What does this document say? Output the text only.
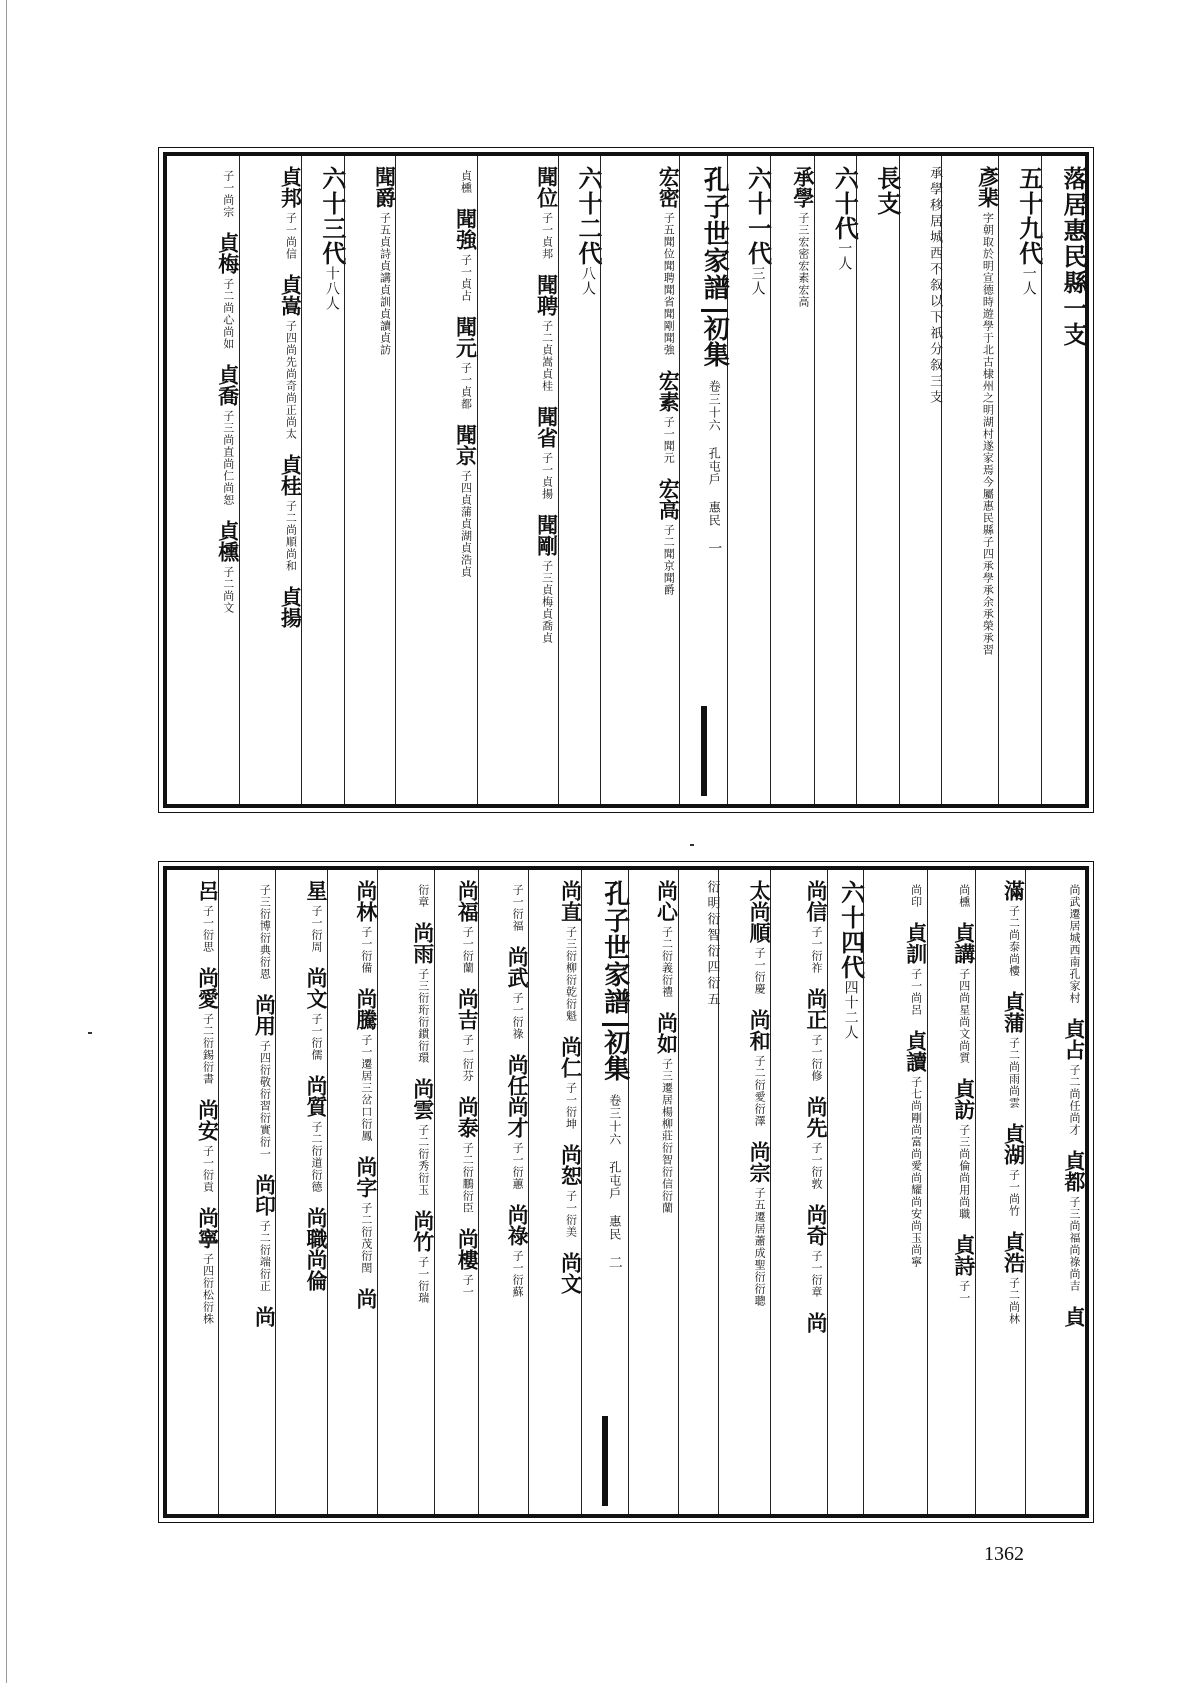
落居惠民縣一支
五十九代一人
彥棐字朝取於明宣德時遊學于北古棣州之明湖村遂家焉今屬惠民縣子四承學承余承榮承習
承學移居城西不叙以下祇分叙三支
長支
六十代一人
承學子三宏密宏素宏高
六十一代三人
孔子世家譜初集卷三十六 孔屯戶 惠民一
宏密子五聞位聞聘聞省聞剛聞強宏素子一聞元宏高子二聞京聞爵
六十二代八人
聞位子一貞邦聞聘子二貞嵩貞桂聞省子一貞揚聞剛子三貞梅貞喬貞
貞櫄聞強子一貞占聞元子一貞都聞京子四貞蒲貞湖貞浩貞
聞爵子五貞詩貞講貞訓貞讀貞訪
六十三代十八人
貞邦子一尚信貞嵩子四尚先尚奇尚正尚太貞桂子二尚順尚和貞揚
子一尚宗貞梅子二尚心尚如貞喬子三尚直尚仁尚恕貞櫄子二尚文
尚武遷居城西南孔家村貞占子二尚任尚才貞都子三尚福尚祿尚吉貞
滿子二尚泰尚樓貞蒲子二尚雨尚雲貞湖子一尚竹貞浩子二尚林
尚櫄貞講子四尚星尚文尚質貞訪子三尚倫尚用尚職貞詩子一
尚印貞訓子一尚呂貞讀子七尚剛尚富尚愛尚耀尚安尚玉尚寧
六十四代四十二人
尚信子一衍祚尚正子一衍修尚先子一衍敦尚奇子一衍章尚
太尚順子一衍慶尚和子二衍愛衍澤尚宗子五遷居蕭成聖衍衍聰
衍明衍智衍四衍五
尚心子二衍義衍禮尚如子三遷居楊柳莊衍智衍信衍蘭
孔子世家譜初集卷三十六 孔屯戶 惠民二
尚直子三衍柳衍乾衍魁尚仁子一衍坤尚恕子一衍美尚文
子一衍福尚武子一衍祿尚任尚才子一衍蕙尚祿子一衍蘇
尚福子一衍蘭尚吉子一衍芬尚泰子二衍鵬衍臣尚樓子一
衍章尚雨子三衍珩衍鏆衍環尚雲子二衍秀衍玉尚竹子一衍瑞
尚林子一衍備尚騰子一遷居三岔口衍鳳尚字子二衍茂衍閏尚
星子一衍周尚文子一衍儒尚質子二衍道衍德尚職尚倫
子三衍博衍典衍恩尚用子四衍敬衍習衍實衍一尚印子二衍端衍正尚
呂子一衍思尚愛子二衍錫衍書尚安子一衍貢尚寧子四衍松衍株
1362
